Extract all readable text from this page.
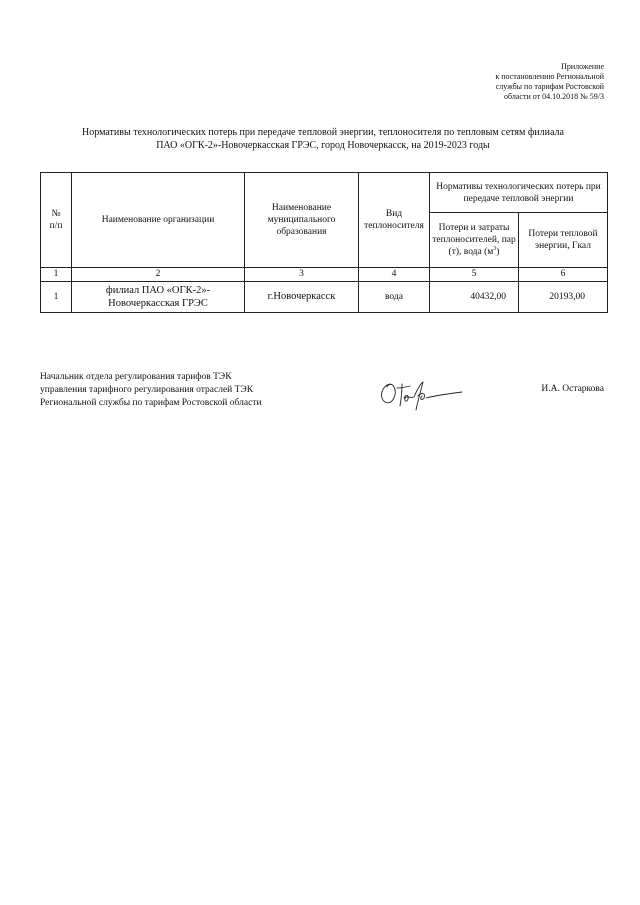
Приложение
к постановлению Региональной
службы по тарифам Ростовской
области от 04.10.2018 № 59/3
Нормативы технологических потерь при передаче тепловой энергии, теплоносителя по тепловым сетям филиала
ПАО «ОГК-2»-Новочеркасская ГРЭС, город Новочеркасск, на 2019-2023 годы
№
п/п	Наименование организации	Наименование муниципального образования	Вид теплоносителя	Нормативы технологических потерь при передаче тепловой энергии	
				Потери и затраты теплоносителей, пар (т), вода $(м^3)$	Потери тепловой энергии, Гкал
1	2	3	4	5	6
1	филиал ПАО «ОГК-2»-Новочеркасская ГРЭС	г.Новочеркасск	вода	40432,00	20193,00
Начальник отдела регулирования тарифов ТЭК
управления тарифного регулирования отраслей ТЭК
Региональной службы по тарифам Ростовской области
И.А. Остаркова
